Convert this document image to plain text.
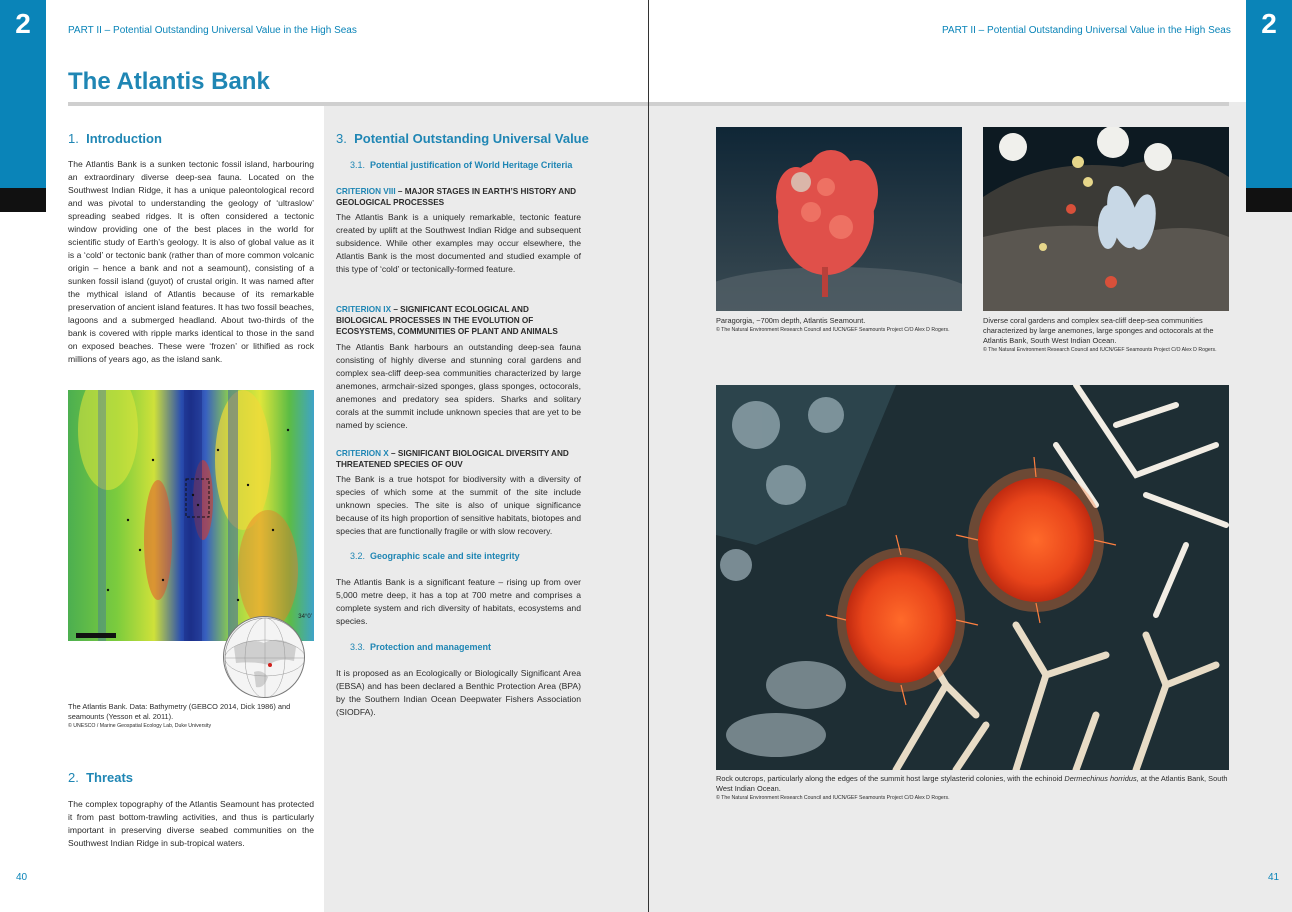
2	PART II – Potential Outstanding Universal Value in the High Seas
The Atlantis Bank
1. Introduction
The Atlantis Bank is a sunken tectonic fossil island, harbouring an extraordinary diverse deep-sea fauna. Located on the Southwest Indian Ridge, it has a unique paleontological record and was pivotal to understanding the geology of ‘ultraslow’ spreading seabed ridges. It is often considered a tectonic window providing one of the best places in the world for scientific study of Earth’s geology. It is also of global value as it is a ‘cold’ or tectonic bank (rather than of more common volcanic origin – hence a bank and not a seamount), consisting of a sunken fossil island (guyot) of crustal origin. It was named after the mythical island of Atlantis because of its remarkable preservation of ancient island features. It has two fossil beaches, lagoons and a submerged headland. About two-thirds of the bank is covered with ripple marks identical to those in the sand on exposed beaches. These were ‘frozen’ or lithified as rock millions of years ago, as the island sank.
34°0’
The Atlantis Bank. Data: Bathymetry (GEBCO 2014, Dick 1986) and seamounts (Yesson et al. 2011).
© UNESCO / Marine Geospatial Ecology Lab, Duke University
2. Threats
The complex topography of the Atlantis Seamount has protected it from past bottom-trawling activities, and thus is particularly important in preserving diverse seabed communities on the Southwest Indian Ridge in sub-tropical waters.
3. Potential Outstanding Universal Value
3.1. Potential justification of World Heritage Criteria
CRITERION VIII – MAJOR STAGES IN EARTH’S HISTORY AND GEOLOGICAL PROCESSES
The Atlantis Bank is a uniquely remarkable, tectonic feature created by uplift at the Southwest Indian Ridge and subsequent subsidence. While other examples may occur elsewhere, the Atlantis Bank is the most documented and studied example of this type of ‘cold’ or tectonically-formed feature.
CRITERION IX – SIGNIFICANT ECOLOGICAL AND BIOLOGICAL PROCESSES IN THE EVOLUTION OF ECOSYSTEMS, COMMUNITIES OF PLANT AND ANIMALS
The Atlantis Bank harbours an outstanding deep-sea fauna consisting of highly diverse and stunning coral gardens and complex sea-cliff deep-sea communities characterized by large anemones, armchair-sized sponges, glass sponges, octocorals, anemones and predatory sea spiders. Sharks and solitary corals at the summit include unknown species that are yet to be named by science.
CRITERION X – SIGNIFICANT BIOLOGICAL DIVERSITY AND THREATENED SPECIES OF OUV
The Bank is a true hotspot for biodiversity with a diversity of species of which some at the summit of the site include unknown species. The site is also of unique significance because of its high proportion of sensitive habitats, biotopes and species that are functionally fragile or with slow recovery.
3.2. Geographic scale and site integrity
The Atlantis Bank is a significant feature – rising up from over 5,000 metre deep, it has a top at 700 metre and comprises a complete system and rich diversity of habitats, ecosystems and species.
3.3. Protection and management
It is proposed as an Ecologically or Biologically Significant Area (EBSA) and has been declared a Benthic Protection Area (BPA) by the Southern Indian Ocean Deepwater Fishers Association (SIODFA).
40
PART II – Potential Outstanding Universal Value in the High Seas	2
Paragorgia, ~700m depth, Atlantis Seamount.
© The Natural Environment Research Council and IUCN/GEF Seamounts Project C/O Alex D Rogers.
Diverse coral gardens and complex sea-cliff deep-sea communities characterized by large anemones, large sponges and octocorals at the Atlantis Bank, South West Indian Ocean.
© The Natural Environment Research Council and IUCN/GEF Seamounts Project C/O Alex D Rogers.
Rock outcrops, particularly along the edges of the summit host large stylasterid colonies, with the echinoid Dermechinus horridus, at the Atlantis Bank, South West Indian Ocean.
© The Natural Environment Research Council and IUCN/GEF Seamounts Project C/O Alex D Rogers.
41
